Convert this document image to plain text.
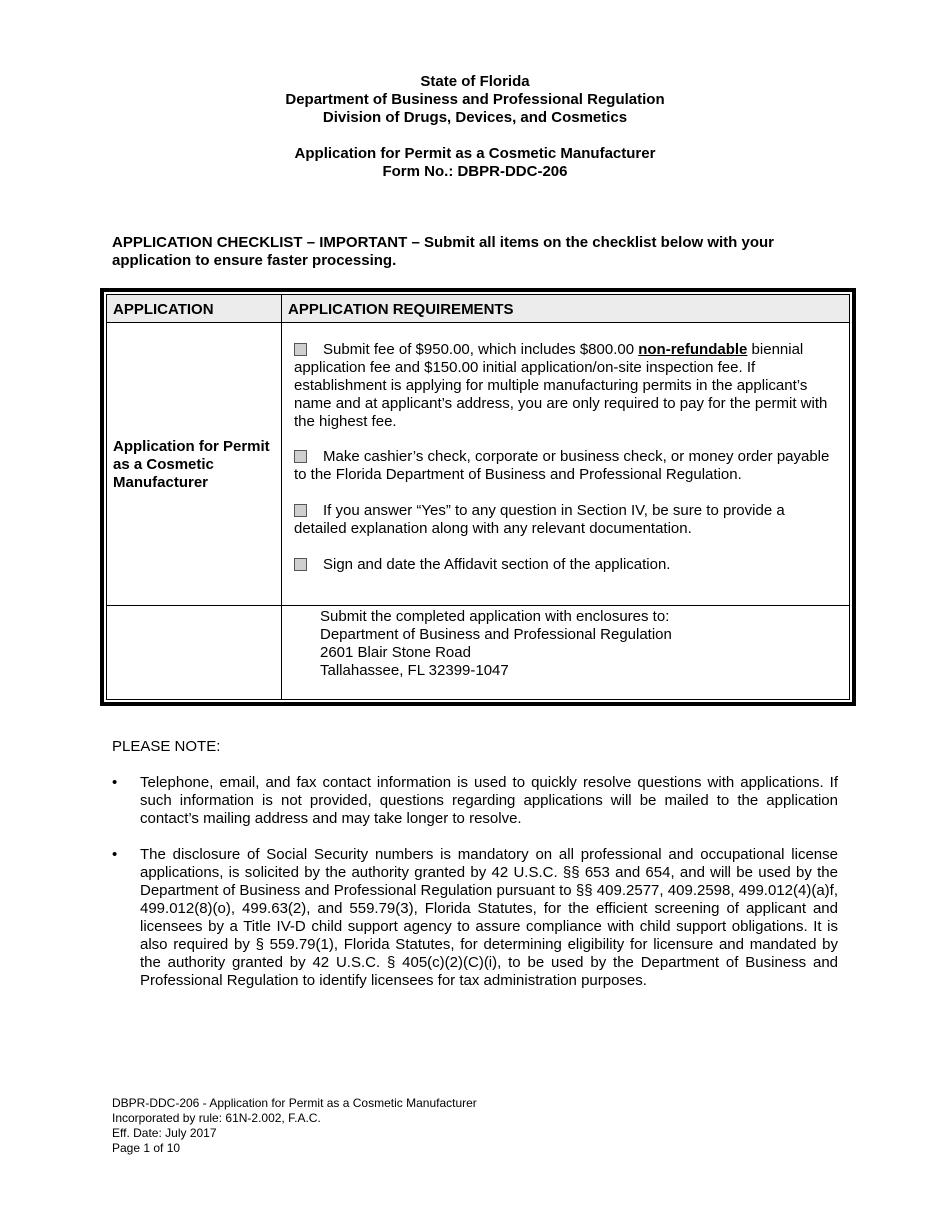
State of Florida
Department of Business and Professional Regulation
Division of Drugs, Devices, and Cosmetics
Application for Permit as a Cosmetic Manufacturer
Form No.: DBPR-DDC-206
APPLICATION CHECKLIST – IMPORTANT – Submit all items on the checklist below with your application to ensure faster processing.
APPLICATION	APPLICATION REQUIREMENTS
Application for Permit as a Cosmetic Manufacturer
Submit fee of $950.00, which includes $800.00 non-refundable biennial application fee and $150.00 initial application/on-site inspection fee. If establishment is applying for multiple manufacturing permits in the applicant’s name and at applicant’s address, you are only required to pay for the permit with the highest fee.
Make cashier’s check, corporate or business check, or money order payable to the Florida Department of Business and Professional Regulation.
If you answer “Yes” to any question in Section IV, be sure to provide a detailed explanation along with any relevant documentation.
Sign and date the Affidavit section of the application.
Submit the completed application with enclosures to:
Department of Business and Professional Regulation
2601 Blair Stone Road
Tallahassee, FL 32399-1047
PLEASE NOTE:
• Telephone, email, and fax contact information is used to quickly resolve questions with applications. If such information is not provided, questions regarding applications will be mailed to the application contact’s mailing address and may take longer to resolve.
• The disclosure of Social Security numbers is mandatory on all professional and occupational license applications, is solicited by the authority granted by 42 U.S.C. §§ 653 and 654, and will be used by the Department of Business and Professional Regulation pursuant to §§ 409.2577, 409.2598, 499.012(4)(a)f, 499.012(8)(o), 499.63(2), and 559.79(3), Florida Statutes, for the efficient screening of applicant and licensees by a Title IV-D child support agency to assure compliance with child support obligations. It is also required by § 559.79(1), Florida Statutes, for determining eligibility for licensure and mandated by the authority granted by 42 U.S.C. § 405(c)(2)(C)(i), to be used by the Department of Business and Professional Regulation to identify licensees for tax administration purposes.
DBPR-DDC-206 - Application for Permit as a Cosmetic Manufacturer
Incorporated by rule: 61N-2.002, F.A.C.
Eff. Date: July 2017
Page 1 of 10
